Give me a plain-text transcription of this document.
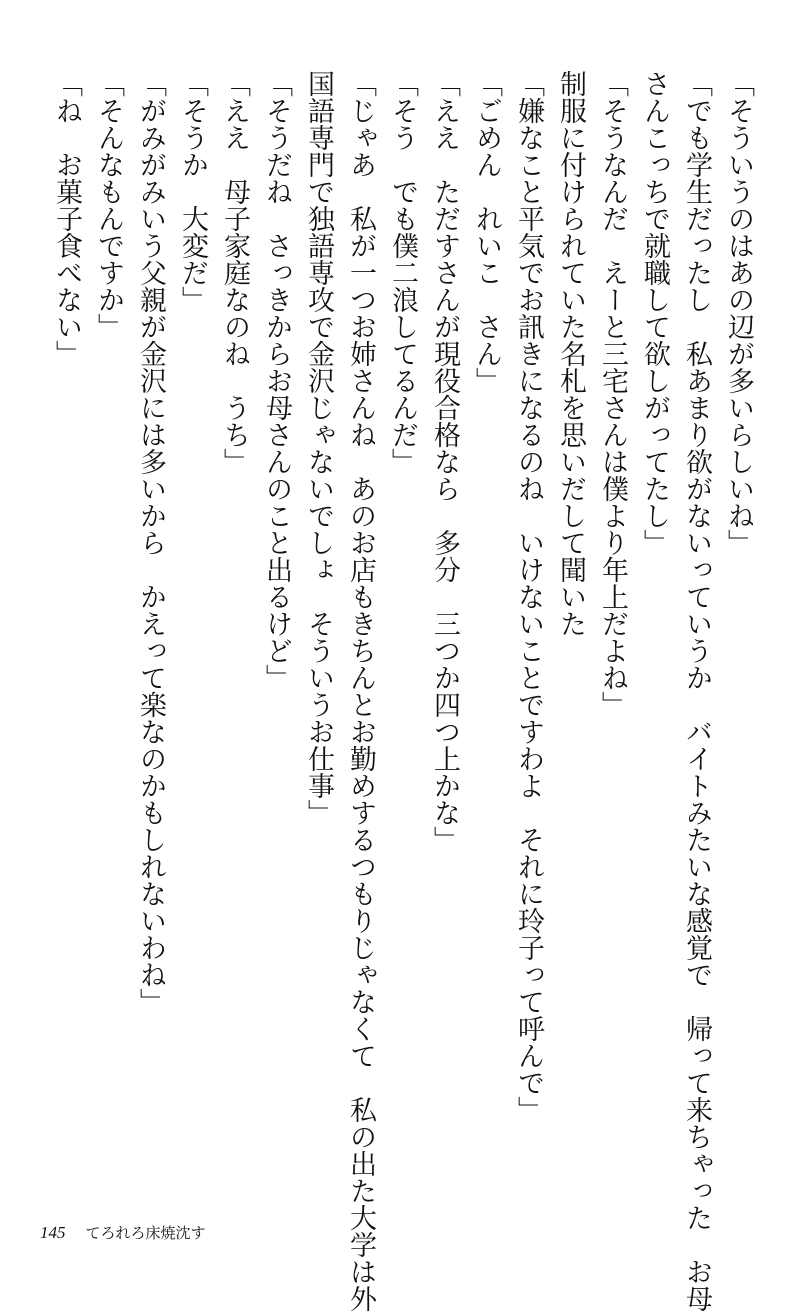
「そういうのはあの辺が多いらしいね」
「でも学生だったし　私あまり欲がないっていうか　バイトみたいな感覚で　帰って来ちゃった　お母
さんこっちで就職して欲しがってたし」
「そうなんだ　えーと三宅さんは僕より年上だよね」
制服に付けられていた名札を思いだして聞いた
「嫌なこと平気でお訊きになるのね　いけないことですわよ　それに玲子って呼んで」
「ごめん　れいこ　さん」
「ええ　ただすさんが現役合格なら　多分　三つか四つ上かな」
「そう　でも僕二浪してるんだ」
「じゃあ　私が一つお姉さんね　あのお店もきちんとお勤めするつもりじゃなくて　私の出た大学は外
国語専門で独語専攻で金沢じゃないでしょ　そういうお仕事」
「そうだね　さっきからお母さんのこと出るけど」
「ええ　母子家庭なのね　うち」
「そうか　大変だ」
「がみがみいう父親が金沢には多いから　かえって楽なのかもしれないわね」
「そんなもんですか」
「ね　お菓子食べない」
145 てろれろ床焼沈す
